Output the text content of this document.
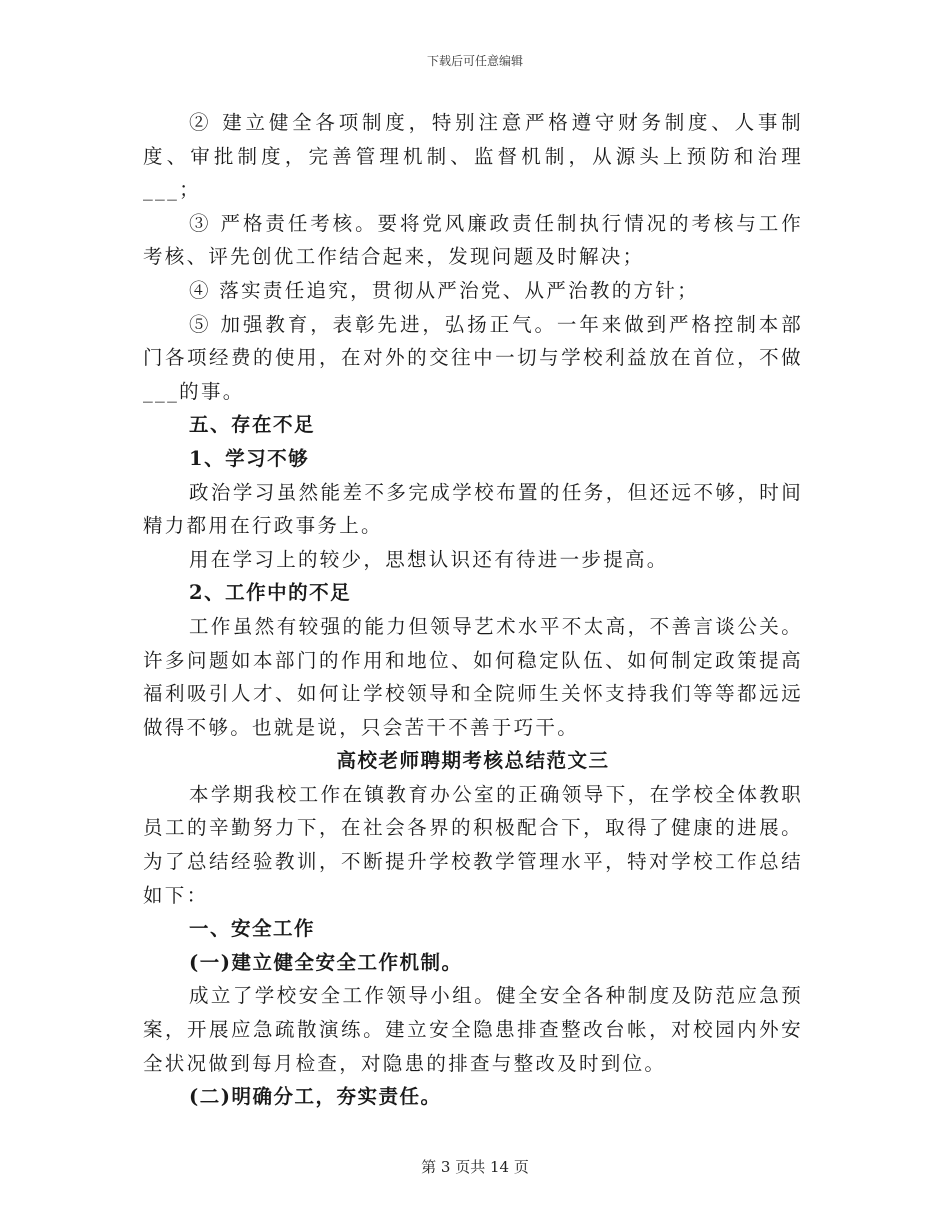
下载后可任意编辑

② 建立健全各项制度，特别注意严格遵守财务制度、人事制度、审批制度，完善管理机制、监督机制，从源头上预防和治理___；

③ 严格责任考核。要将党风廉政责任制执行情况的考核与工作考核、评先创优工作结合起来，发现问题及时解决；

④ 落实责任追究，贯彻从严治党、从严治教的方针；

⑤ 加强教育，表彰先进，弘扬正气。一年来做到严格控制本部门各项经费的使用，在对外的交往中一切与学校利益放在首位，不做___的事。

五、存在不足

1、学习不够

政治学习虽然能差不多完成学校布置的任务，但还远不够，时间精力都用在行政事务上。

用在学习上的较少，思想认识还有待进一步提高。

2、工作中的不足

工作虽然有较强的能力但领导艺术水平不太高，不善言谈公关。许多问题如本部门的作用和地位、如何稳定队伍、如何制定政策提高福利吸引人才、如何让学校领导和全院师生关怀支持我们等等都远远做得不够。也就是说，只会苦干不善于巧干。

高校老师聘期考核总结范文三

本学期我校工作在镇教育办公室的正确领导下，在学校全体教职员工的辛勤努力下，在社会各界的积极配合下，取得了健康的进展。为了总结经验教训，不断提升学校教学管理水平，特对学校工作总结如下：

一、安全工作

(一)建立健全安全工作机制。

成立了学校安全工作领导小组。健全安全各种制度及防范应急预案，开展应急疏散演练。建立安全隐患排查整改台帐，对校园内外安全状况做到每月检查，对隐患的排查与整改及时到位。

(二)明确分工，夯实责任。

第 3 页共 14 页
